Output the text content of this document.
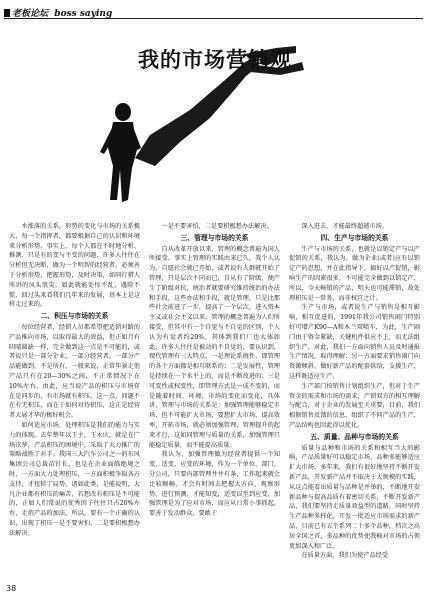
老板论坛 boss saying
我的市场营销观

水涨落的关系，形势的变化与市场的关系极大，每一个指挥者，都要根据自己的认识和环境来分析形势，事实上，每个人都在不时地分析、推测，只是有的变与不变的问题，许多人往往在分析但无决断，做为一个明智的经营者，必须善于分析形势，把握形势，及时决策，如同打猎人所讲的风头浪尖，如此就能处惊不乱，遇险不慌，回过头来看我们几年来的发展，基本上是这样走过来的。

二、积压与市场的关系

每位经营者，经销人员都希望把适销对路的产品推向市场，以取得最大的效益，但正如月有阴晴圆缺一样，完全做到这一点是不可能的，或者说只是一部分企业，一部分经营者，一部分产品能做到，不是所有，一般来说，正常年景走俏产品只有在20—30%之间，不正常情况下在10%左右，由此，应当说产品的积压与市场存在是同步的，有市场就有积压，这一点，问题不在有无积压，而在于如何对待积压，这正是经营者大展才华的极好机会。

如何适应市场，处理积压是我们的能力与实力的体现，去年整年以王主，王永庆，就是在广场京华，产品积压的困境中，采取了大力推广的策略战胜了对手。我国三大汽车公司之一的东风集团公司总裁苗针长，也是在企业面临绝境之时，一方面大力处理积压，一方面积极争取各方支持，才扭转了局势，诸如此类，是能说明，大凡企业都有积压的痛苦，若想改有积压是不可能的，正如人们常说的优秀因子往往只占20%左右，走俏产品的加法，所以，要有一个正确的认识，出现了积压一是不要害怕，二是要积极想办法解决。

一是不要害怕，二是要积极想办法解决。

三、管理与市场的关系

自从改革开放以来，管理的概念普遍为国人所接受。事实上管理的实践由来已久，我个人认为，自愿社会就已开始，或者说有人群就开始了管理，只是层次不同而已，自从有了阶级，便产生了阶级对抗，统治者就要研究维持统治的办法和手段，这些办法和手段，就是管理，只是比那些社会前进了一步，提高了一个层次，进入资本主义或社会主义以来，管理的概念普遍为人们所接受，但其中有一个自觉与不自觉的区别，个人认为有觉者约20%，其体到我们厂也大体如此，许多人往往是被动的不自觉的，要认识到，现代管理有三大特点，一是理论系统性，即管理的各个方面都是相互联系的；二是发展性，管理是持续在一个水平上的，而是不断改进的；三是可变性或权变性，即管理方式是一成不变的，而是随着时间、环境、市场的变化而变化，具体讲，管理与市场的关系是：加强管理能够稳定市场，但不可能扩大市场，要想扩大市场，提高效率，开拓市场，就必须加强管理，管理提升的起来才行，这如同管理与质量的关系，加强管理只能稳定质量，而不能提高质量。

我认为，加强管理做为经营者提供一个知变、适变、应变的环境，作为一个单位、部门、分公司，只要内部管理井井有条，工作起来就会比较顺畅，才会有时间去把握大方向，观察形势，进行预测，才能知变，适变以至到应变，加强管理是为了应对市场，而应从日常小事抓起，要善于发动群众，要敢于

深入进去，才能最终超越市场。

四、生产与市场的关系

生产与市场的关系，也就是以销定产与以产促销的关系，我认为，做为企业(或者)应有以销定产的思想，并在此指导下，搞好以产促销，影响生产的因素很多，不可能完全做到以销定产，所以，今天畅销的产品，明天也可能滞销，故处理积压是一常务，而非权宜之计。

生产与市场，或者说生产与销售是相互影响，相互促进的，1991年我公司销售闹门特别好可增产K90—A和木兰双喷车，为此，生产闹门由于资金紧缺，关键机件供应不上，而无法组织生产，对此，我们一方面向销售人员及时通报生产情况，取得理解；另一方面要求销售闹门向资源倾斜，做好新产品的配套供给，支援生产，这样既适应生产。

生产部门按销售计划组织生产，但对于生产资金的需求和市场的需求，产销双方的相互理解与配合，对于企业的发展至关重要，目前，我们根据销售反馈的信息，组织了不同产品的生产，产品结构也因此得以优化。

五、质量、品种与市场的关系

质量与品种和市场的关系和相互当大的影响，产品质量好可以稳定市场，品种多能够适应扩大市场，多年来，我们有很好地坚持不断开发新产品，开发新产品并不取决于大规模的实践，从这点能看出质量与品种是并举的，不断地开发新品种与提高品质有着密切关系，不断开发新产品，我们要坚持走质量效益型的道路，同时坚持生产品种多样化，开发一批适应市场需求的新产品，目前已有五个系列二十多个品种，档次之高居全国之首，多品种的优势使我畅对市场的占领更加深入和广泛。

在质量方面，我们为使产品经受

38
